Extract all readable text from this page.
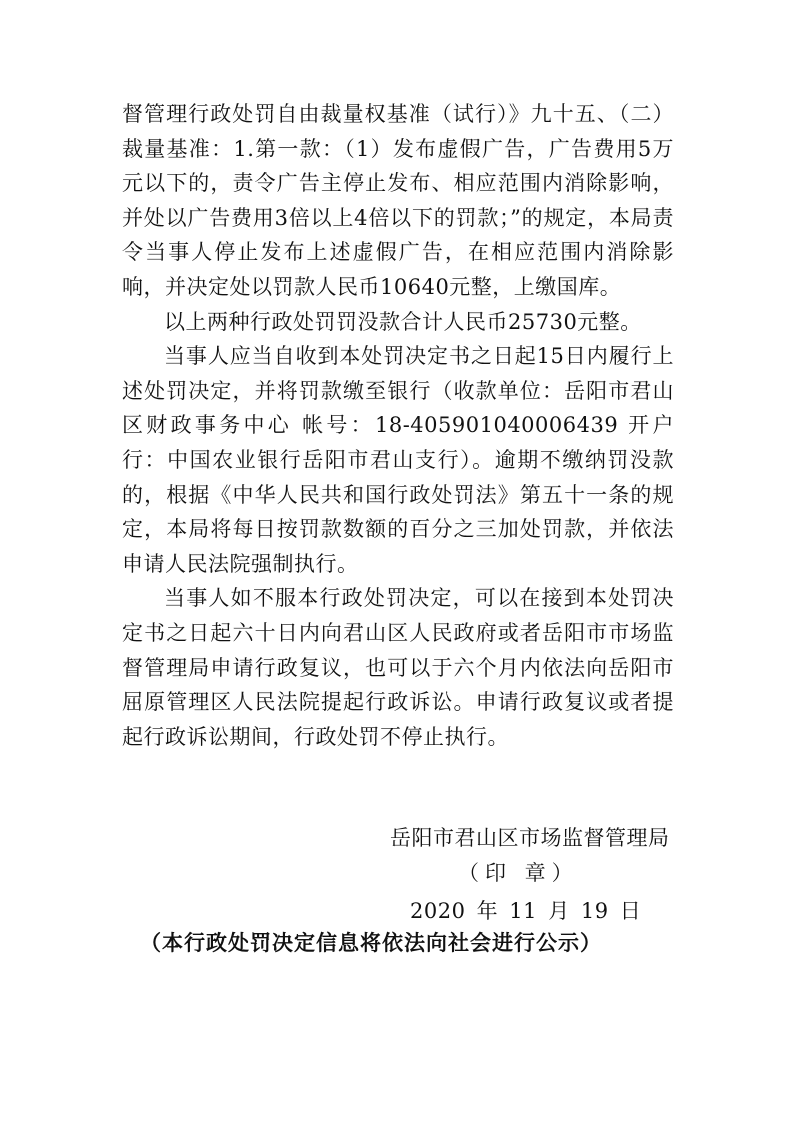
督管理行政处罚自由裁量权基准（试行）》九十五、（二）裁量基准：1.第一款：（1）发布虚假广告，广告费用5万元以下的，责令广告主停止发布、相应范围内消除影响，并处以广告费用3倍以上4倍以下的罚款；”的规定，本局责令当事人停止发布上述虚假广告，在相应范围内消除影响，并决定处以罚款人民币10640元整，上缴国库。

以上两种行政处罚罚没款合计人民币25730元整。

当事人应当自收到本处罚决定书之日起15日内履行上述处罚决定，并将罚款缴至银行（收款单位：岳阳市君山区财政事务中心 帐号：18-405901040006439 开户行：中国农业银行岳阳市君山支行）。逾期不缴纳罚没款的，根据《中华人民共和国行政处罚法》第五十一条的规定，本局将每日按罚款数额的百分之三加处罚款，并依法申请人民法院强制执行。

当事人如不服本行政处罚决定，可以在接到本处罚决定书之日起六十日内向君山区人民政府或者岳阳市市场监督管理局申请行政复议，也可以于六个月内依法向岳阳市屈原管理区人民法院提起行政诉讼。申请行政复议或者提起行政诉讼期间，行政处罚不停止执行。

岳阳市君山区市场监督管理局
（印 章）
2020 年 11 月 19 日
（本行政处罚决定信息将依法向社会进行公示）
